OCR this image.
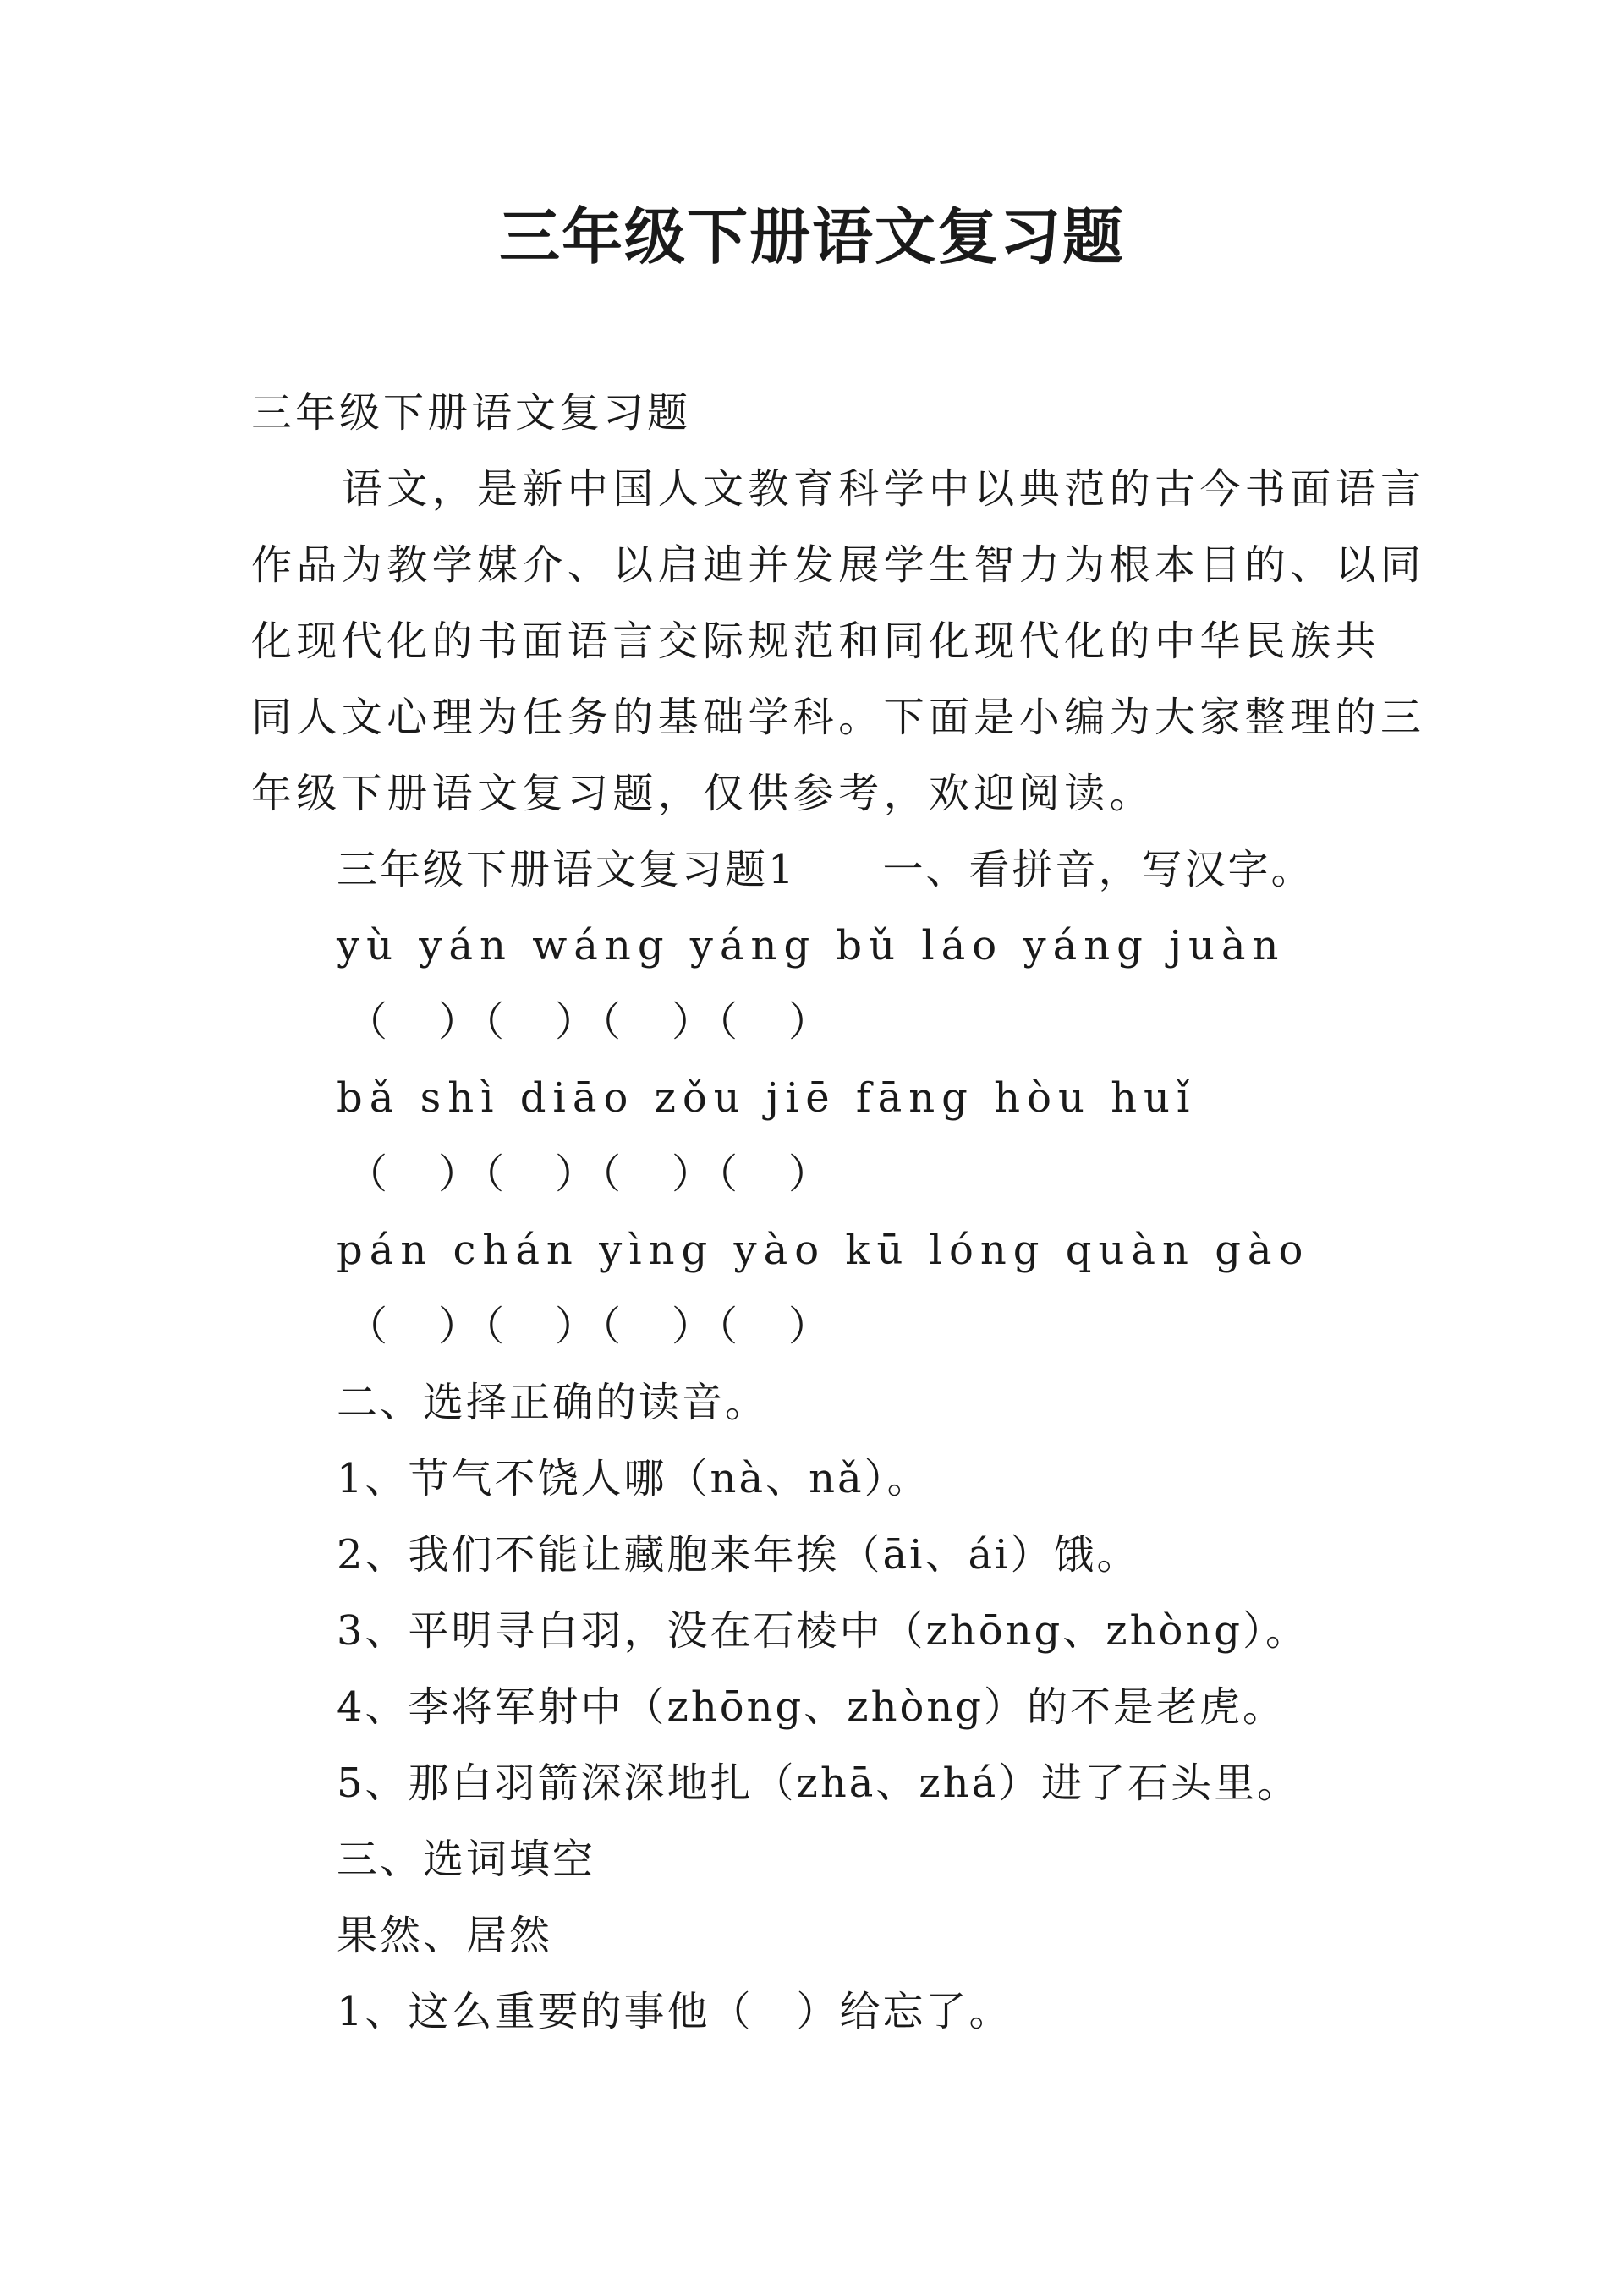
三年级下册语文复习题
三年级下册语文复习题
　　语文，是新中国人文教育科学中以典范的古今书面语言
作品为教学媒介、以启迪并发展学生智力为根本目的、以同
化现代化的书面语言交际规范和同化现代化的中华民族共
同人文心理为任务的基础学科。下面是小编为大家整理的三
年级下册语文复习题，仅供参考，欢迎阅读。
三年级下册语文复习题1　　一、看拼音，写汉字。
yù yán wáng yáng bǔ láo yáng juàn
（　）（　）（　）（　）
bǎ shì diāo zǒu jiē fāng hòu huǐ
（　）（　）（　）（　）
pán chán yìng yào kū lóng quàn gào
（　）（　）（　）（　）
二、选择正确的读音。
1、节气不饶人哪（nà、nǎ）。
2、我们不能让藏胞来年挨（āi、ái）饿。
3、平明寻白羽，没在石棱中（zhōng、zhòng）。
4、李将军射中（zhōng、zhòng）的不是老虎。
5、那白羽箭深深地扎（zhā、zhá）进了石头里。
三、选词填空
果然、居然
1、这么重要的事他（　）给忘了。
